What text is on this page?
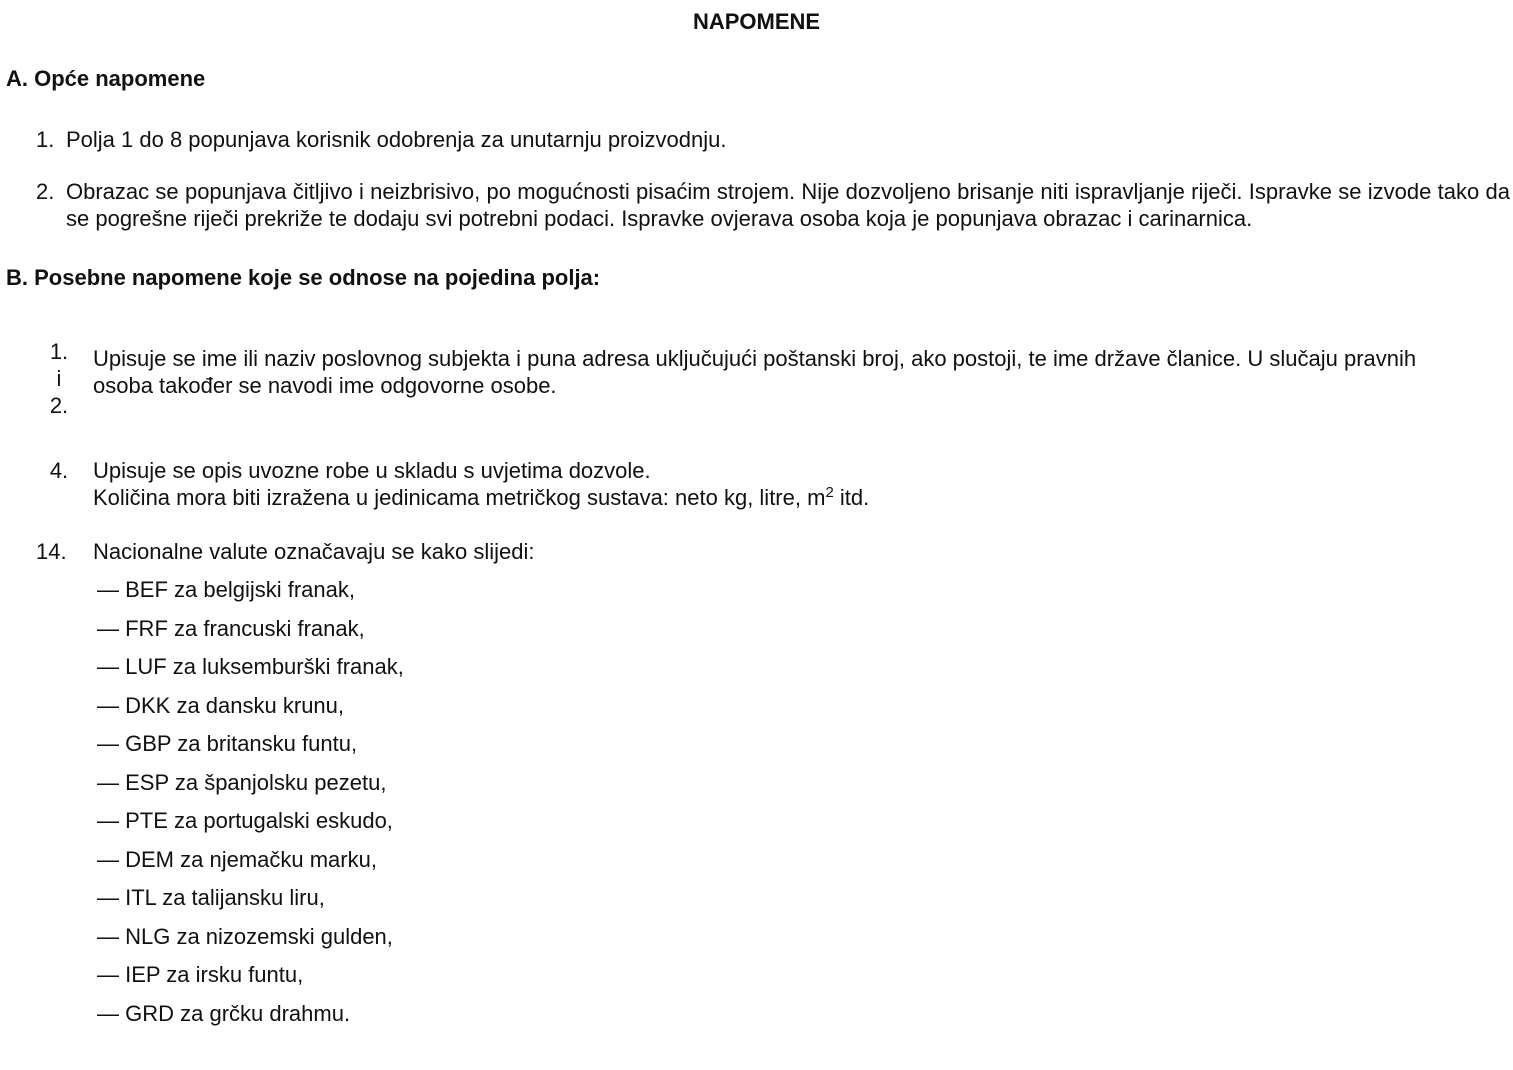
NAPOMENE
A. Opće napomene
1. Polja 1 do 8 popunjava korisnik odobrenja za unutarnju proizvodnju.
2. Obrazac se popunjava čitljivo i neizbrisivo, po mogućnosti pisaćim strojem. Nije dozvoljeno brisanje niti ispravljanje riječi. Ispravke se izvode tako da se pogrešne riječi prekriže te dodaju svi potrebni podaci. Ispravke ovjerava osoba koja je popunjava obrazac i carinarnica.
B. Posebne napomene koje se odnose na pojedina polja:
1.
i
2.
Upisuje se ime ili naziv poslovnog subjekta i puna adresa uključujući poštanski broj, ako postoji, te ime države članice. U slučaju pravnih osoba također se navodi ime odgovorne osobe.
4. Upisuje se opis uvozne robe u skladu s uvjetima dozvole.
Količina mora biti izražena u jedinicama metričkog sustava: neto kg, litre, $m^2$ itd.
14. Nacionalne valute označavaju se kako slijedi:
— BEF za belgijski franak,
— FRF za francuski franak,
— LUF za luksemburški franak,
— DKK za dansku krunu,
— GBP za britansku funtu,
— ESP za španjolsku pezetu,
— PTE za portugalski eskudo,
— DEM za njemačku marku,
— ITL za talijansku liru,
— NLG za nizozemski gulden,
— IEP za irsku funtu,
— GRD za grčku drahmu.
